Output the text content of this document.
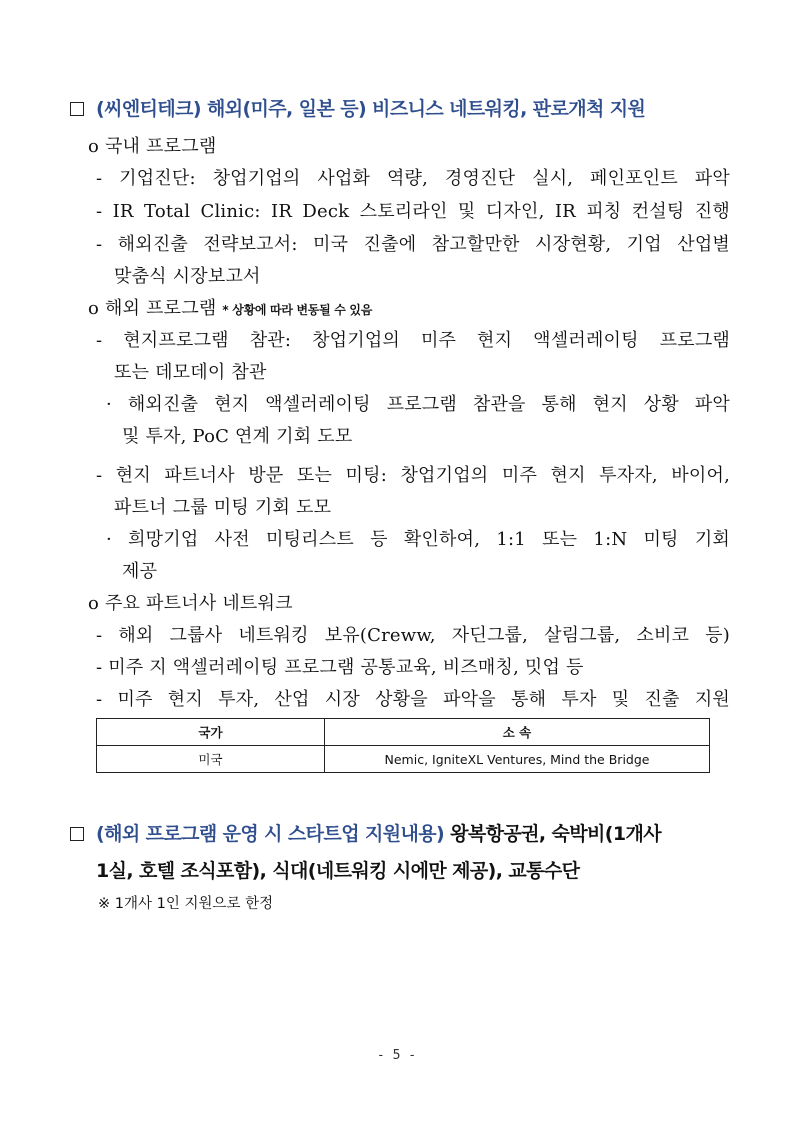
(씨엔티테크) 해외(미주, 일본 등) 비즈니스 네트워킹, 판로개척 지원
o 국내 프로그램
- 기업진단: 창업기업의 사업화 역량, 경영진단 실시, 페인포인트 파악
- IR Total Clinic: IR Deck 스토리라인 및 디자인, IR 피칭 컨설팅 진행
- 해외진출 전략보고서: 미국 진출에 참고할만한 시장현황, 기업 산업별
맞춤식 시장보고서
o 해외 프로그램 * 상황에 따라 변동될 수 있음
- 현지프로그램 참관: 창업기업의 미주 현지 액셀러레이팅 프로그램
또는 데모데이 참관
· 해외진출 현지 액셀러레이팅 프로그램 참관을 통해 현지 상황 파악
및 투자, PoC 연계 기회 도모
- 현지 파트너사 방문 또는 미팅: 창업기업의 미주 현지 투자자, 바이어,
파트너 그룹 미팅 기회 도모
· 희망기업 사전 미팅리스트 등 확인하여, 1:1 또는 1:N 미팅 기회
제공
o 주요 파트너사 네트워크
- 해외 그룹사 네트워킹 보유(Creww, 자딘그룹, 살림그룹, 소비코 등)
- 미주 지 액셀러레이팅 프로그램 공통교육, 비즈매칭, 밋업 등
- 미주 현지 투자, 산업 시장 상황을 파악을 통해 투자 및 진출 지원
국가	소 속
미국	Nemic, IgniteXL Ventures, Mind the Bridge
(해외 프로그램 운영 시 스타트업 지원내용) 왕복항공권, 숙박비(1개사
1실, 호텔 조식포함), 식대(네트워킹 시에만 제공), 교통수단
※ 1개사 1인 지원으로 한정
- 5 -
